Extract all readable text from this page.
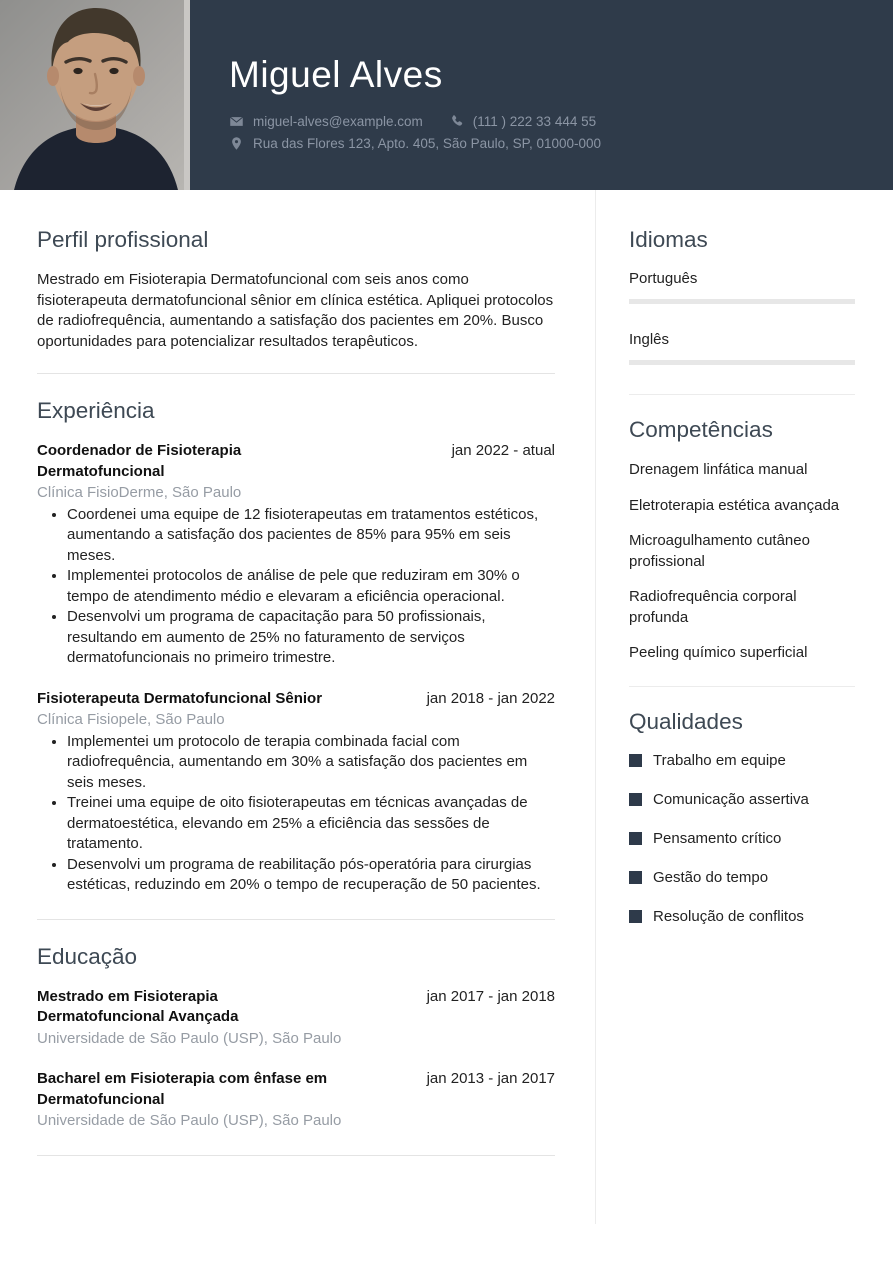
Miguel Alves
miguel-alves@example.com	(111 ) 222 33 444 55
Rua das Flores 123, Apto. 405, São Paulo, SP, 01000-000
Perfil profissional

Mestrado em Fisioterapia Dermatofuncional com seis anos como fisioterapeuta dermatofuncional sênior em clínica estética. Apliquei protocolos de radiofrequência, aumentando a satisfação dos pacientes em 20%. Busco oportunidades para potencializar resultados terapêuticos.

Experiência
Coordenador de Fisioterapia Dermatofuncional
jan 2022 - atual
Clínica FisioDerme, São Paulo
• Coordenei uma equipe de 12 fisioterapeutas em tratamentos estéticos, aumentando a satisfação dos pacientes de 85% para 95% em seis meses.
• Implementei protocolos de análise de pele que reduziram em 30% o tempo de atendimento médio e elevaram a eficiência operacional.
• Desenvolvi um programa de capacitação para 50 profissionais, resultando em aumento de 25% no faturamento de serviços dermatofuncionais no primeiro trimestre.
Fisioterapeuta Dermatofuncional Sênior	jan 2018 - jan 2022
Clínica Fisiopele, São Paulo
• Implementei um protocolo de terapia combinada facial com radiofrequência, aumentando em 30% a satisfação dos pacientes em seis meses.
• Treinei uma equipe de oito fisioterapeutas em técnicas avançadas de dermatoestética, elevando em 25% a eficiência das sessões de tratamento.
• Desenvolvi um programa de reabilitação pós-operatória para cirurgias estéticas, reduzindo em 20% o tempo de recuperação de 50 pacientes.
Educação
Mestrado em Fisioterapia Dermatofuncional Avançada
jan 2017 - jan 2018
Universidade de São Paulo (USP), São Paulo
Bacharel em Fisioterapia com ênfase em Dermatofuncional
jan 2013 - jan 2017
Universidade de São Paulo (USP), São Paulo
Idiomas
Português
Inglês
Competências
Drenagem linfática manual
Eletroterapia estética avançada
Microagulhamento cutâneo profissional
Radiofrequência corporal profunda
Peeling químico superficial
Qualidades
Trabalho em equipe
Comunicação assertiva
Pensamento crítico
Gestão do tempo
Resolução de conflitos
